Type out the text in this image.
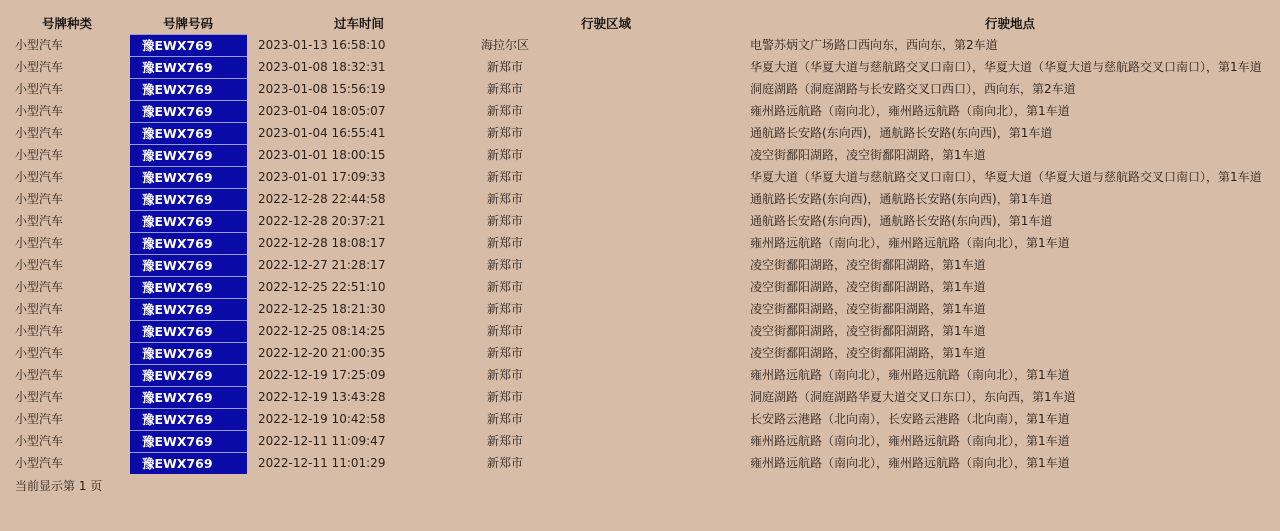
号牌种类	号牌号码	过车时间	行驶区域	行驶地点
小型汽车	豫EWX769	2023-01-13 16:58:10	海拉尔区	电警苏炳文广场路口西向东，西向东，第2车道
小型汽车	豫EWX769	2023-01-08 18:32:31	新郑市	华夏大道（华夏大道与慈航路交叉口南口），华夏大道（华夏大道与慈航路交叉口南口），第1车道
小型汽车	豫EWX769	2023-01-08 15:56:19	新郑市	洞庭湖路（洞庭湖路与长安路交叉口西口），西向东，第2车道
小型汽车	豫EWX769	2023-01-04 18:05:07	新郑市	雍州路远航路（南向北），雍州路远航路（南向北），第1车道
小型汽车	豫EWX769	2023-01-04 16:55:41	新郑市	通航路长安路(东向西)，通航路长安路(东向西)，第1车道
小型汽车	豫EWX769	2023-01-01 18:00:15	新郑市	凌空街鄱阳湖路，凌空街鄱阳湖路，第1车道
小型汽车	豫EWX769	2023-01-01 17:09:33	新郑市	华夏大道（华夏大道与慈航路交叉口南口），华夏大道（华夏大道与慈航路交叉口南口），第1车道
小型汽车	豫EWX769	2022-12-28 22:44:58	新郑市	通航路长安路(东向西)，通航路长安路(东向西)，第1车道
小型汽车	豫EWX769	2022-12-28 20:37:21	新郑市	通航路长安路(东向西)，通航路长安路(东向西)，第1车道
小型汽车	豫EWX769	2022-12-28 18:08:17	新郑市	雍州路远航路（南向北），雍州路远航路（南向北），第1车道
小型汽车	豫EWX769	2022-12-27 21:28:17	新郑市	凌空街鄱阳湖路，凌空街鄱阳湖路，第1车道
小型汽车	豫EWX769	2022-12-25 22:51:10	新郑市	凌空街鄱阳湖路，凌空街鄱阳湖路，第1车道
小型汽车	豫EWX769	2022-12-25 18:21:30	新郑市	凌空街鄱阳湖路，凌空街鄱阳湖路，第1车道
小型汽车	豫EWX769	2022-12-25 08:14:25	新郑市	凌空街鄱阳湖路，凌空街鄱阳湖路，第1车道
小型汽车	豫EWX769	2022-12-20 21:00:35	新郑市	凌空街鄱阳湖路，凌空街鄱阳湖路，第1车道
小型汽车	豫EWX769	2022-12-19 17:25:09	新郑市	雍州路远航路（南向北），雍州路远航路（南向北），第1车道
小型汽车	豫EWX769	2022-12-19 13:43:28	新郑市	洞庭湖路（洞庭湖路华夏大道交叉口东口），东向西，第1车道
小型汽车	豫EWX769	2022-12-19 10:42:58	新郑市	长安路云港路（北向南），长安路云港路（北向南），第1车道
小型汽车	豫EWX769	2022-12-11 11:09:47	新郑市	雍州路远航路（南向北），雍州路远航路（南向北），第1车道
小型汽车	豫EWX769	2022-12-11 11:01:29	新郑市	雍州路远航路（南向北），雍州路远航路（南向北），第1车道
当前显示第 1 页
